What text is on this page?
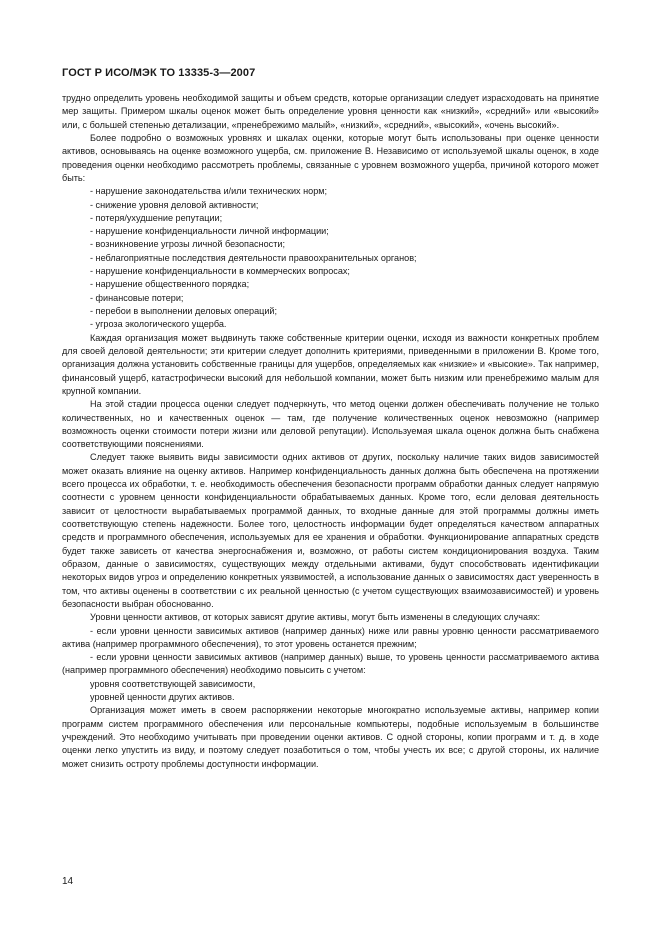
ГОСТ Р ИСО/МЭК ТО 13335-3—2007

трудно определить уровень необходимой защиты и объем средств, которые организации следует израсходовать на принятие мер защиты. Примером шкалы оценок может быть определение уровня ценности как «низкий», «средний» или «высокий» или, с большей степенью детализации, «пренебрежимо малый», «низкий», «средний», «высокий», «очень высокий».

Более подробно о возможных уровнях и шкалах оценки, которые могут быть использованы при оценке ценности активов, основываясь на оценке возможного ущерба, см. приложение В. Независимо от используемой шкалы оценок, в ходе проведения оценки необходимо рассмотреть проблемы, связанные с уровнем возможного ущерба, причиной которого может быть:

- нарушение законодательства и/или технических норм;

- снижение уровня деловой активности;

- потеря/ухудшение репутации;

- нарушение конфиденциальности личной информации;

- возникновение угрозы личной безопасности;

- неблагоприятные последствия деятельности правоохранительных органов;

- нарушение конфиденциальности в коммерческих вопросах;

- нарушение общественного порядка;

- финансовые потери;

- перебои в выполнении деловых операций;

- угроза экологического ущерба.

Каждая организация может выдвинуть также собственные критерии оценки, исходя из важности конкретных проблем для своей деловой деятельности; эти критерии следует дополнить критериями, приведенными в приложении В. Кроме того, организация должна установить собственные границы для ущербов, определяемых как «низкие» и «высокие». Так например, финансовый ущерб, катастрофически высокий для небольшой компании, может быть низким или пренебрежимо малым для крупной компании.

На этой стадии процесса оценки следует подчеркнуть, что метод оценки должен обеспечивать получение не только количественных, но и качественных оценок — там, где получение количественных оценок невозможно (например возможность оценки стоимости потери жизни или деловой репутации). Используемая шкала оценок должна быть снабжена соответствующими пояснениями.

Следует также выявить виды зависимости одних активов от других, поскольку наличие таких видов зависимостей может оказать влияние на оценку активов. Например конфиденциальность данных должна быть обеспечена на протяжении всего процесса их обработки, т. е. необходимость обеспечения безопасности программ обработки данных следует напрямую соотнести с уровнем ценности конфиденциальности обрабатываемых данных. Кроме того, если деловая деятельность зависит от целостности вырабатываемых программой данных, то входные данные для этой программы должны иметь соответствующую степень надежности. Более того, целостность информации будет определяться качеством аппаратных средств и программного обеспечения, используемых для ее хранения и обработки. Функционирование аппаратных средств будет также зависеть от качества энергоснабжения и, возможно, от работы систем кондиционирования воздуха. Таким образом, данные о зависимостях, существующих между отдельными активами, будут способствовать идентификации некоторых видов угроз и определению конкретных уязвимостей, а использование данных о зависимостях даст уверенность в том, что активы оценены в соответствии с их реальной ценностью (с учетом существующих взаимозависимостей) и уровень безопасности выбран обоснованно.

Уровни ценности активов, от которых зависят другие активы, могут быть изменены в следующих случаях:

- если уровни ценности зависимых активов (например данных) ниже или равны уровню ценности рассматриваемого актива (например программного обеспечения), то этот уровень останется прежним;

- если уровни ценности зависимых активов (например данных) выше, то уровень ценности рассматриваемого актива (например программного обеспечения) необходимо повысить с учетом:

уровня соответствующей зависимости,

уровней ценности других активов.

Организация может иметь в своем распоряжении некоторые многократно используемые активы, например копии программ систем программного обеспечения или персональные компьютеры, подобные используемым в большинстве учреждений. Это необходимо учитывать при проведении оценки активов. С одной стороны, копии программ и т. д. в ходе оценки легко упустить из виду, и поэтому следует позаботиться о том, чтобы учесть их все; с другой стороны, их наличие может снизить остроту проблемы доступности информации.

14
